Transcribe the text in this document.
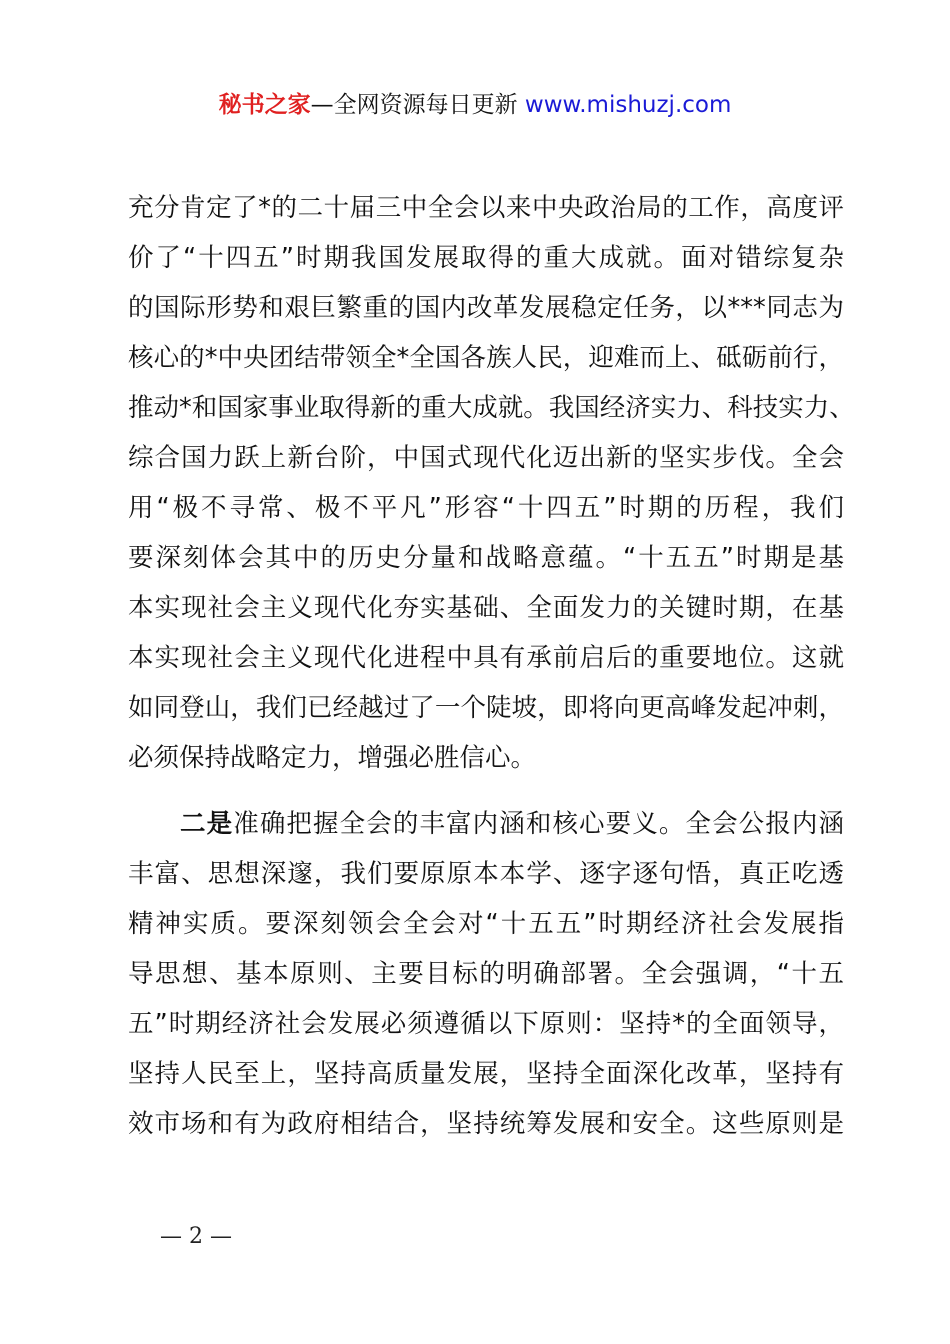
秘书之家—全网资源每日更新 www.mishuzj.com
充分肯定了*的二十届三中全会以来中央政治局的工作，高度评
价了“十四五”时期我国发展取得的重大成就。面对错综复杂
的国际形势和艰巨繁重的国内改革发展稳定任务，以***同志为
核心的*中央团结带领全*全国各族人民，迎难而上、砥砺前行，
推动*和国家事业取得新的重大成就。我国经济实力、科技实力、
综合国力跃上新台阶，中国式现代化迈出新的坚实步伐。全会
用“极不寻常、极不平凡”形容“十四五”时期的历程，我们
要深刻体会其中的历史分量和战略意蕴。“十五五”时期是基
本实现社会主义现代化夯实基础、全面发力的关键时期，在基
本实现社会主义现代化进程中具有承前启后的重要地位。这就
如同登山，我们已经越过了一个陡坡，即将向更高峰发起冲刺，
必须保持战略定力，增强必胜信心。
二是准确把握全会的丰富内涵和核心要义。全会公报内涵
丰富、思想深邃，我们要原原本本学、逐字逐句悟，真正吃透
精神实质。要深刻领会全会对“十五五”时期经济社会发展指
导思想、基本原则、主要目标的明确部署。全会强调，“十五
五”时期经济社会发展必须遵循以下原则：坚持*的全面领导，
坚持人民至上，坚持高质量发展，坚持全面深化改革，坚持有
效市场和有为政府相结合，坚持统筹发展和安全。这些原则是
— 2 —
